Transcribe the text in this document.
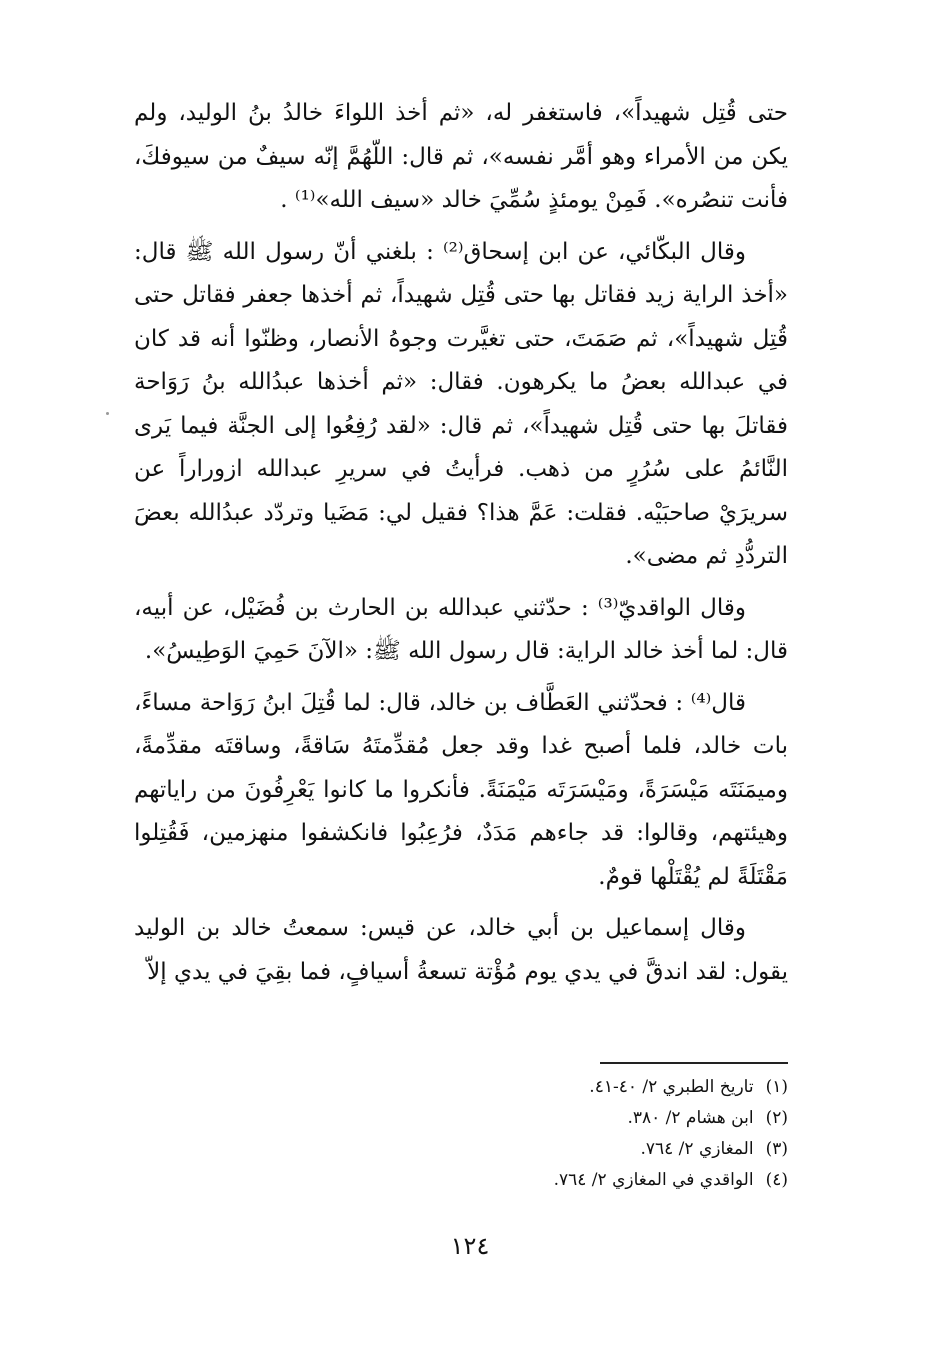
حتى قُتِل شهيداً»، فاستغفر له، «ثم أخذ اللواءَ خالدُ بنُ الوليد، ولم يكن من الأمراء وهو أمَّر نفسه»، ثم قال: اللّهُمَّ إنّه سيفٌ من سيوفكَ، فأنت تنصُره». فَمِنْ يومئذٍ سُمِّيَ خالد «سيف الله»⁽¹⁾ .

وقال البكّائي، عن ابن إسحاق⁽²⁾ : بلغني أنّ رسول الله ﷺ قال: «أخذ الراية زيد فقاتل بها حتى قُتِل شهيداً، ثم أخذها جعفر فقاتل حتى قُتِل شهيداً»، ثم صَمَتَ، حتى تغيَّرت وجوهُ الأنصار، وظنّوا أنه قد كان في عبدالله بعضُ ما يكرهون. فقال: «ثم أخذها عبدُالله بنُ رَوَاحة فقاتلَ بها حتى قُتِل شهيداً»، ثم قال: «لقد رُفِعُوا إلى الجنَّة فيما يَرى النَّائمُ على سُرُرٍ من ذهب. فرأيتُ في سريرِ عبدالله ازوراراً عن سريرَيْ صاحبَيْه. فقلت: عَمَّ هذا؟ فقيل لي: مَضَيا وتردّد عبدُالله بعضَ التردُّدِ ثم مضى».

وقال الواقديّ⁽³⁾ : حدّثني عبدالله بن الحارث بن فُضَيْل، عن أبيه، قال: لما أخذ خالد الراية: قال رسول الله ﷺ: «الآنَ حَمِيَ الوَطِيسُ».

قال⁽⁴⁾ : فحدّثني العَطَّاف بن خالد، قال: لما قُتِلَ ابنُ رَوَاحة مساءً، بات خالد، فلما أصبح غدا وقد جعل مُقدِّمتَهُ سَاقةً، وساقتَه مقدِّمةً، وميمَنَتَه مَيْسَرَةً، ومَيْسَرَتَه مَيْمَنَةً. فأنكروا ما كانوا يَعْرِفُونَ من راياتهم وهيئتهم، وقالوا: قد جاءهم مَدَدٌ، فرُعِبُوا فانكشفوا منهزمين، فَقُتِلوا مَقْتَلَةً لم يُقْتَلْها قومٌ.

وقال إسماعيل بن أبي خالد، عن قيس: سمعتُ خالد بن الوليد يقول: لقد اندقَّ في يدي يوم مُؤْتة تسعةُ أسيافٍ، فما بقِيَ في يدي إلاّ

(١)تاريخ الطبري ٢/ ٤٠-٤١.
(٢)ابن هشام ٢/ ٣٨٠.
(٣)المغازي ٢/ ٧٦٤.
(٤)الواقدي في المغازي ٢/ ٧٦٤.
١٢٤
